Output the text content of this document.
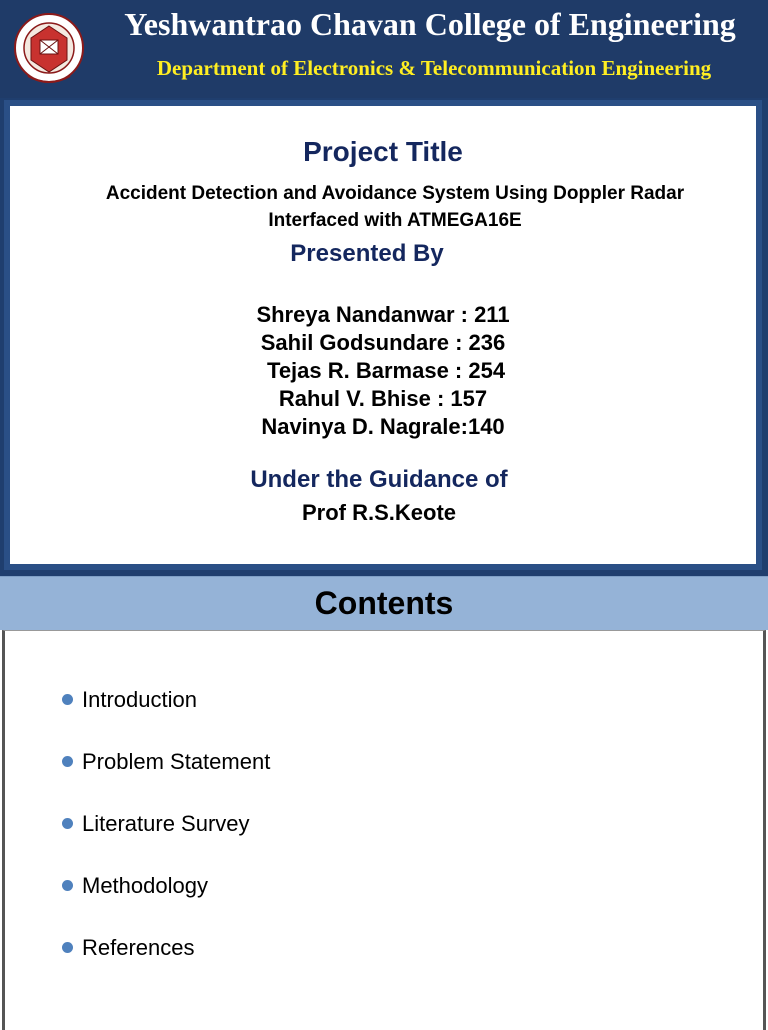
Yeshwantrao Chavan College of Engineering
Department of Electronics & Telecommunication Engineering
Project Title
Accident Detection and Avoidance System Using Doppler Radar
Interfaced with ATMEGA16E
Presented By
Shreya Nandanwar : 211
Sahil Godsundare : 236
Tejas R. Barmase : 254
Rahul V. Bhise : 157
Navinya D. Nagrale:140
Under the Guidance of
Prof R.S.Keote
Contents
Introduction
Problem Statement
Literature Survey
Methodology
References
